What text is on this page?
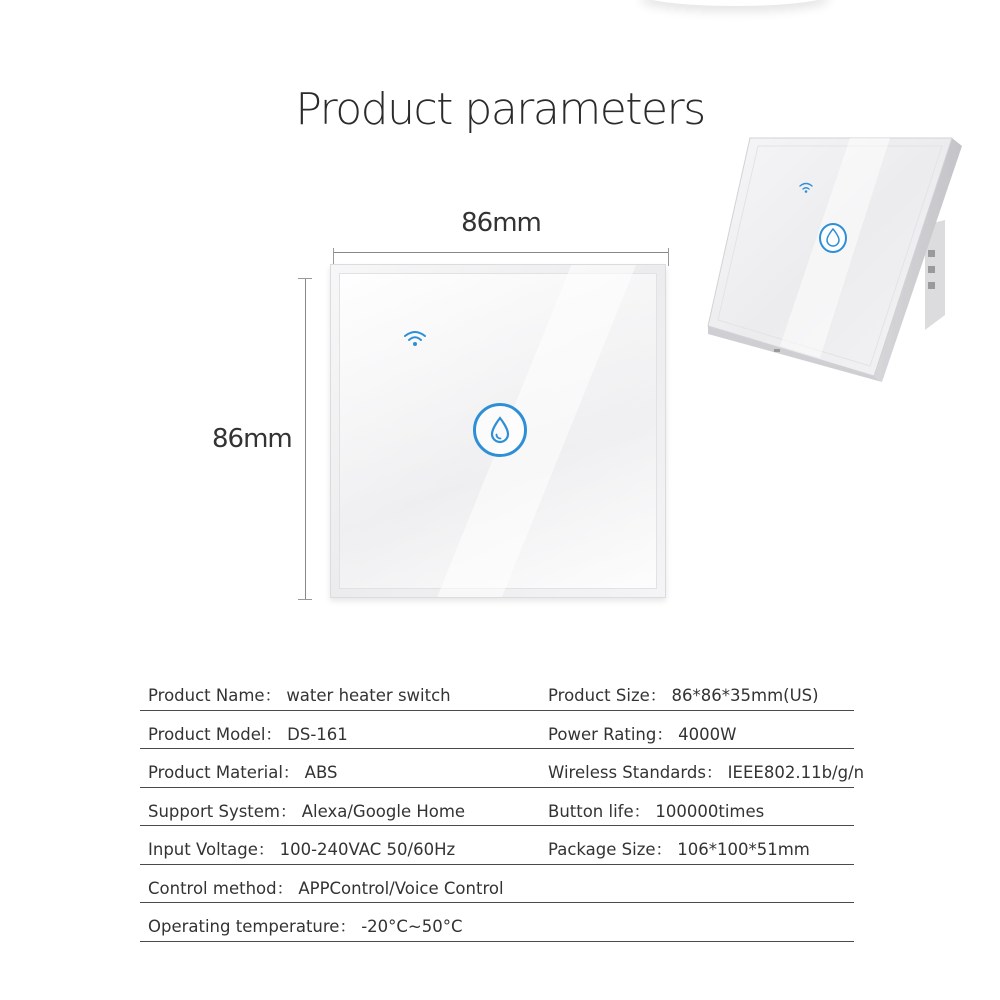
Product parameters
86mm
86mm
Product Name： water heater switch	Product Size： 86*86*35mm(US)
Product Model： DS-161	Power Rating： 4000W
Product Material： ABS	Wireless Standards： IEEE802.11b/g/n
Support System： Alexa/Google Home	Button life： 100000times
Input Voltage： 100-240VAC 50/60Hz	Package Size： 106*100*51mm
Control method： APPControl/Voice Control
Operating temperature： -20°C~50°C
